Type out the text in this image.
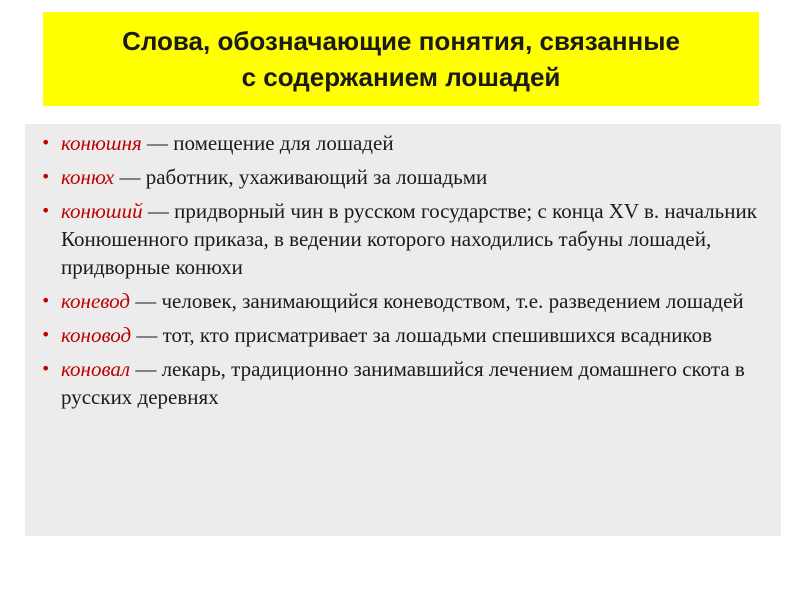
Слова, обозначающие понятия, связанные
с содержанием лошадей
• конюшня — помещение для лошадей
• конюх — работник, ухаживающий за лошадьми
• конюший — придворный чин в русском государстве; с конца XV в. начальник Конюшенного приказа, в ведении которого находились табуны лошадей, придворные конюхи
• коневод — человек, занимающийся коневодством, т.е. разведением лошадей
• коновод — тот, кто присматривает за лошадьми спешившихся всадников
• коновал — лекарь, традиционно занимавшийся лечением домашнего скота в русских деревнях
